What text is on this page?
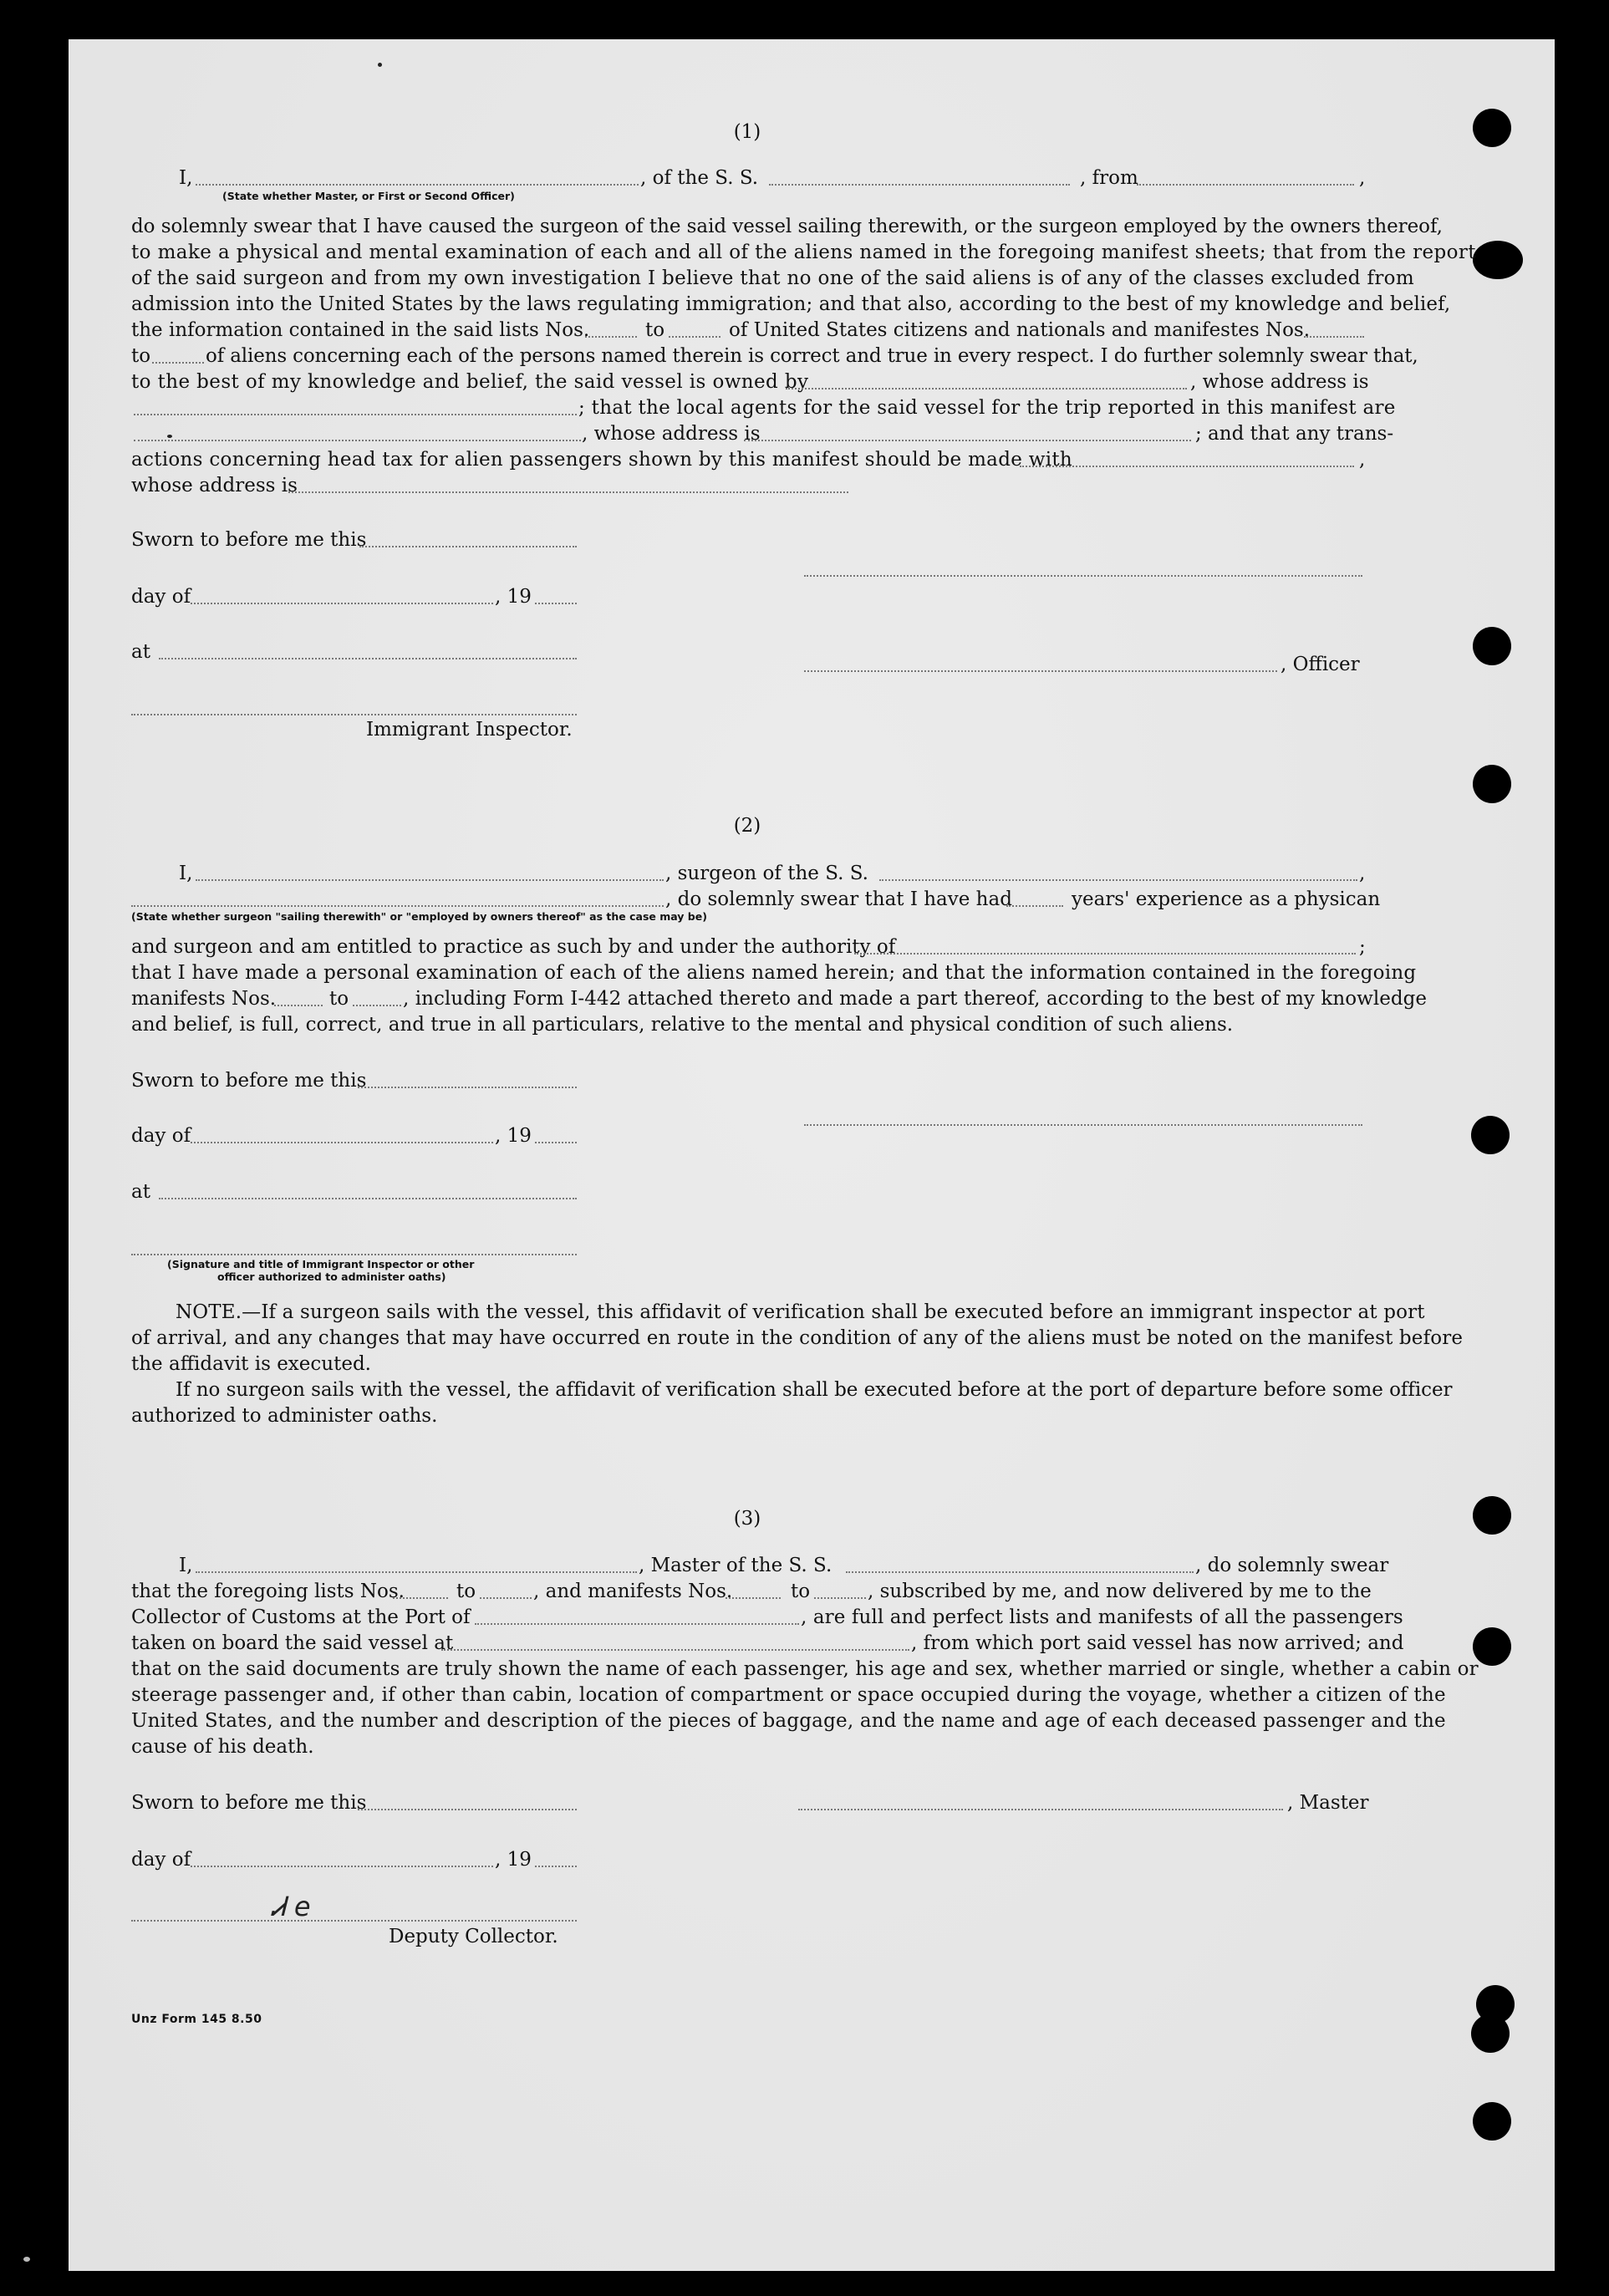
(1)
I,	, of the S. S.	, from	,
(State whether Master, or First or Second Officer)
do solemnly swear that I have caused the surgeon of the said vessel sailing therewith, or the surgeon employed by the owners thereof,
to make a physical and mental examination of each and all of the aliens named in the foregoing manifest sheets; that from the report
of the said surgeon and from my own investigation I believe that no one of the said aliens is of any of the classes excluded from
admission into the United States by the laws regulating immigration; and that also, according to the best of my knowledge and belief,
the information contained in the said lists Nos.	to	of United States citizens and nationals and manifestes Nos.
to	of aliens concerning each of the persons named therein is correct and true in every respect. I do further solemnly swear that,
to the best of my knowledge and belief, the said vessel is owned by	, whose address is
; that the local agents for the said vessel for the trip reported in this manifest are
, whose address is	; and that any trans-
actions concerning head tax for alien passengers shown by this manifest should be made with	,
whose address is
Sworn to before me this
day of	, 19
at
, Officer
Immigrant Inspector.
(2)
I,	, surgeon of the S. S.	,
, do solemnly swear that I have had	years' experience as a physican
(State whether surgeon "sailing therewith" or "employed by owners thereof" as the case may be)
and surgeon and am entitled to practice as such by and under the authority of	;
that I have made a personal examination of each of the aliens named herein; and that the information contained in the foregoing
manifests Nos.	to	, including Form I-442 attached thereto and made a part thereof, according to the best of my knowledge
and belief, is full, correct, and true in all particulars, relative to the mental and physical condition of such aliens.
Sworn to before me this
day of	, 19
at
(Signature and title of Immigrant Inspector or other
officer authorized to administer oaths)
NOTE.—If a surgeon sails with the vessel, this affidavit of verification shall be executed before an immigrant inspector at port
of arrival, and any changes that may have occurred en route in the condition of any of the aliens must be noted on the manifest before
the affidavit is executed.
If no surgeon sails with the vessel, the affidavit of verification shall be executed before at the port of departure before some officer
authorized to administer oaths.
(3)
I,	, Master of the S. S.	, do solemnly swear
that the foregoing lists Nos.	to	, and manifests Nos.	to	, subscribed by me, and now delivered by me to the
Collector of Customs at the Port of	, are full and perfect lists and manifests of all the passengers
taken on board the said vessel at	, from which port said vessel has now arrived; and
that on the said documents are truly shown the name of each passenger, his age and sex, whether married or single, whether a cabin or
steerage passenger and, if other than cabin, location of compartment or space occupied during the voyage, whether a citizen of the
United States, and the number and description of the pieces of baggage, and the name and age of each deceased passenger and the
cause of his death.
Sworn to before me this	, Master
day of	, 19
Ꮧ e
Deputy Collector.
Unz Form 145 8.50
